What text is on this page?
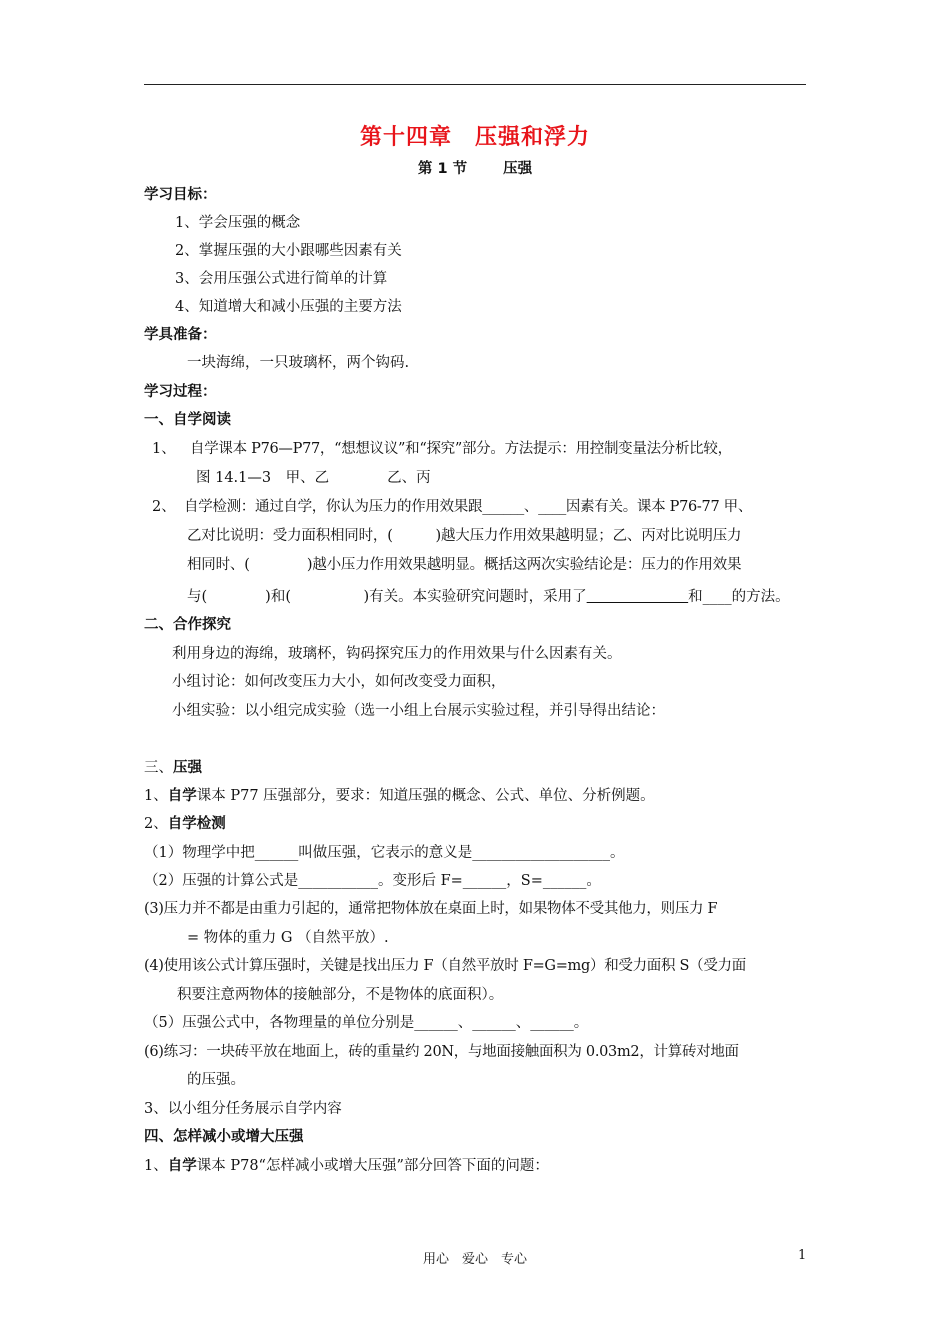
第十四章　压强和浮力
第 1 节 压强
学习目标：
1、学会压强的概念
2、掌握压强的大小跟哪些因素有关
3、会用压强公式进行简单的计算
4、知道增大和减小压强的主要方法
学具准备：
一块海绵，一只玻璃杯，两个钩码.
学习过程：
一、自学阅读
1、 自学课本 P76—P77，“想想议议”和“探究”部分。方法提示：用控制变量法分析比较，
图 14.1—3　甲、乙　　　　乙、丙
2、 自学检测：通过自学，你认为压力的作用效果跟______、____因素有关。课本 P76-77 甲、
乙对比说明：受力面积相同时，(　　　)越大压力作用效果越明显；乙、丙对比说明压力
相同时、(　　　　)越小压力作用效果越明显。概括这两次实验结论是：压力的作用效果
与(　　　　)和(　　　　　)有关。本实验研究问题时，采用了　　　　　　　	和____的方法。
二、合作探究
利用身边的海绵，玻璃杯，钩码探究压力的作用效果与什么因素有关。
小组讨论：如何改变压力大小，如何改变受力面积，
小组实验：以小组完成实验（选一小组上台展示实验过程，并引导得出结论：
三、压强
1、自学课本 P77 压强部分，要求：知道压强的概念、公式、单位、分析例题。
2、自学检测
（1）物理学中把______叫做压强，它表示的意义是___________________。
（2）压强的计算公式是___________。变形后 F=______，S=______。
(3)压力并不都是由重力引起的，通常把物体放在桌面上时，如果物体不受其他力，则压力 F
= 物体的重力 G （自然平放）.
(4)使用该公式计算压强时，关键是找出压力 F（自然平放时 F=G=mg）和受力面积 S（受力面
积要注意两物体的接触部分，不是物体的底面积）。
（5）压强公式中，各物理量的单位分别是______、______、______。
(6)练习：一块砖平放在地面上，砖的重量约 20N，与地面接触面积为 0.03m2，计算砖对地面
的压强。
3、以小组分任务展示自学内容
四、怎样减小或增大压强
1、自学课本 P78“怎样减小或增大压强”部分回答下面的问题：
用心　爱心　专心	1
